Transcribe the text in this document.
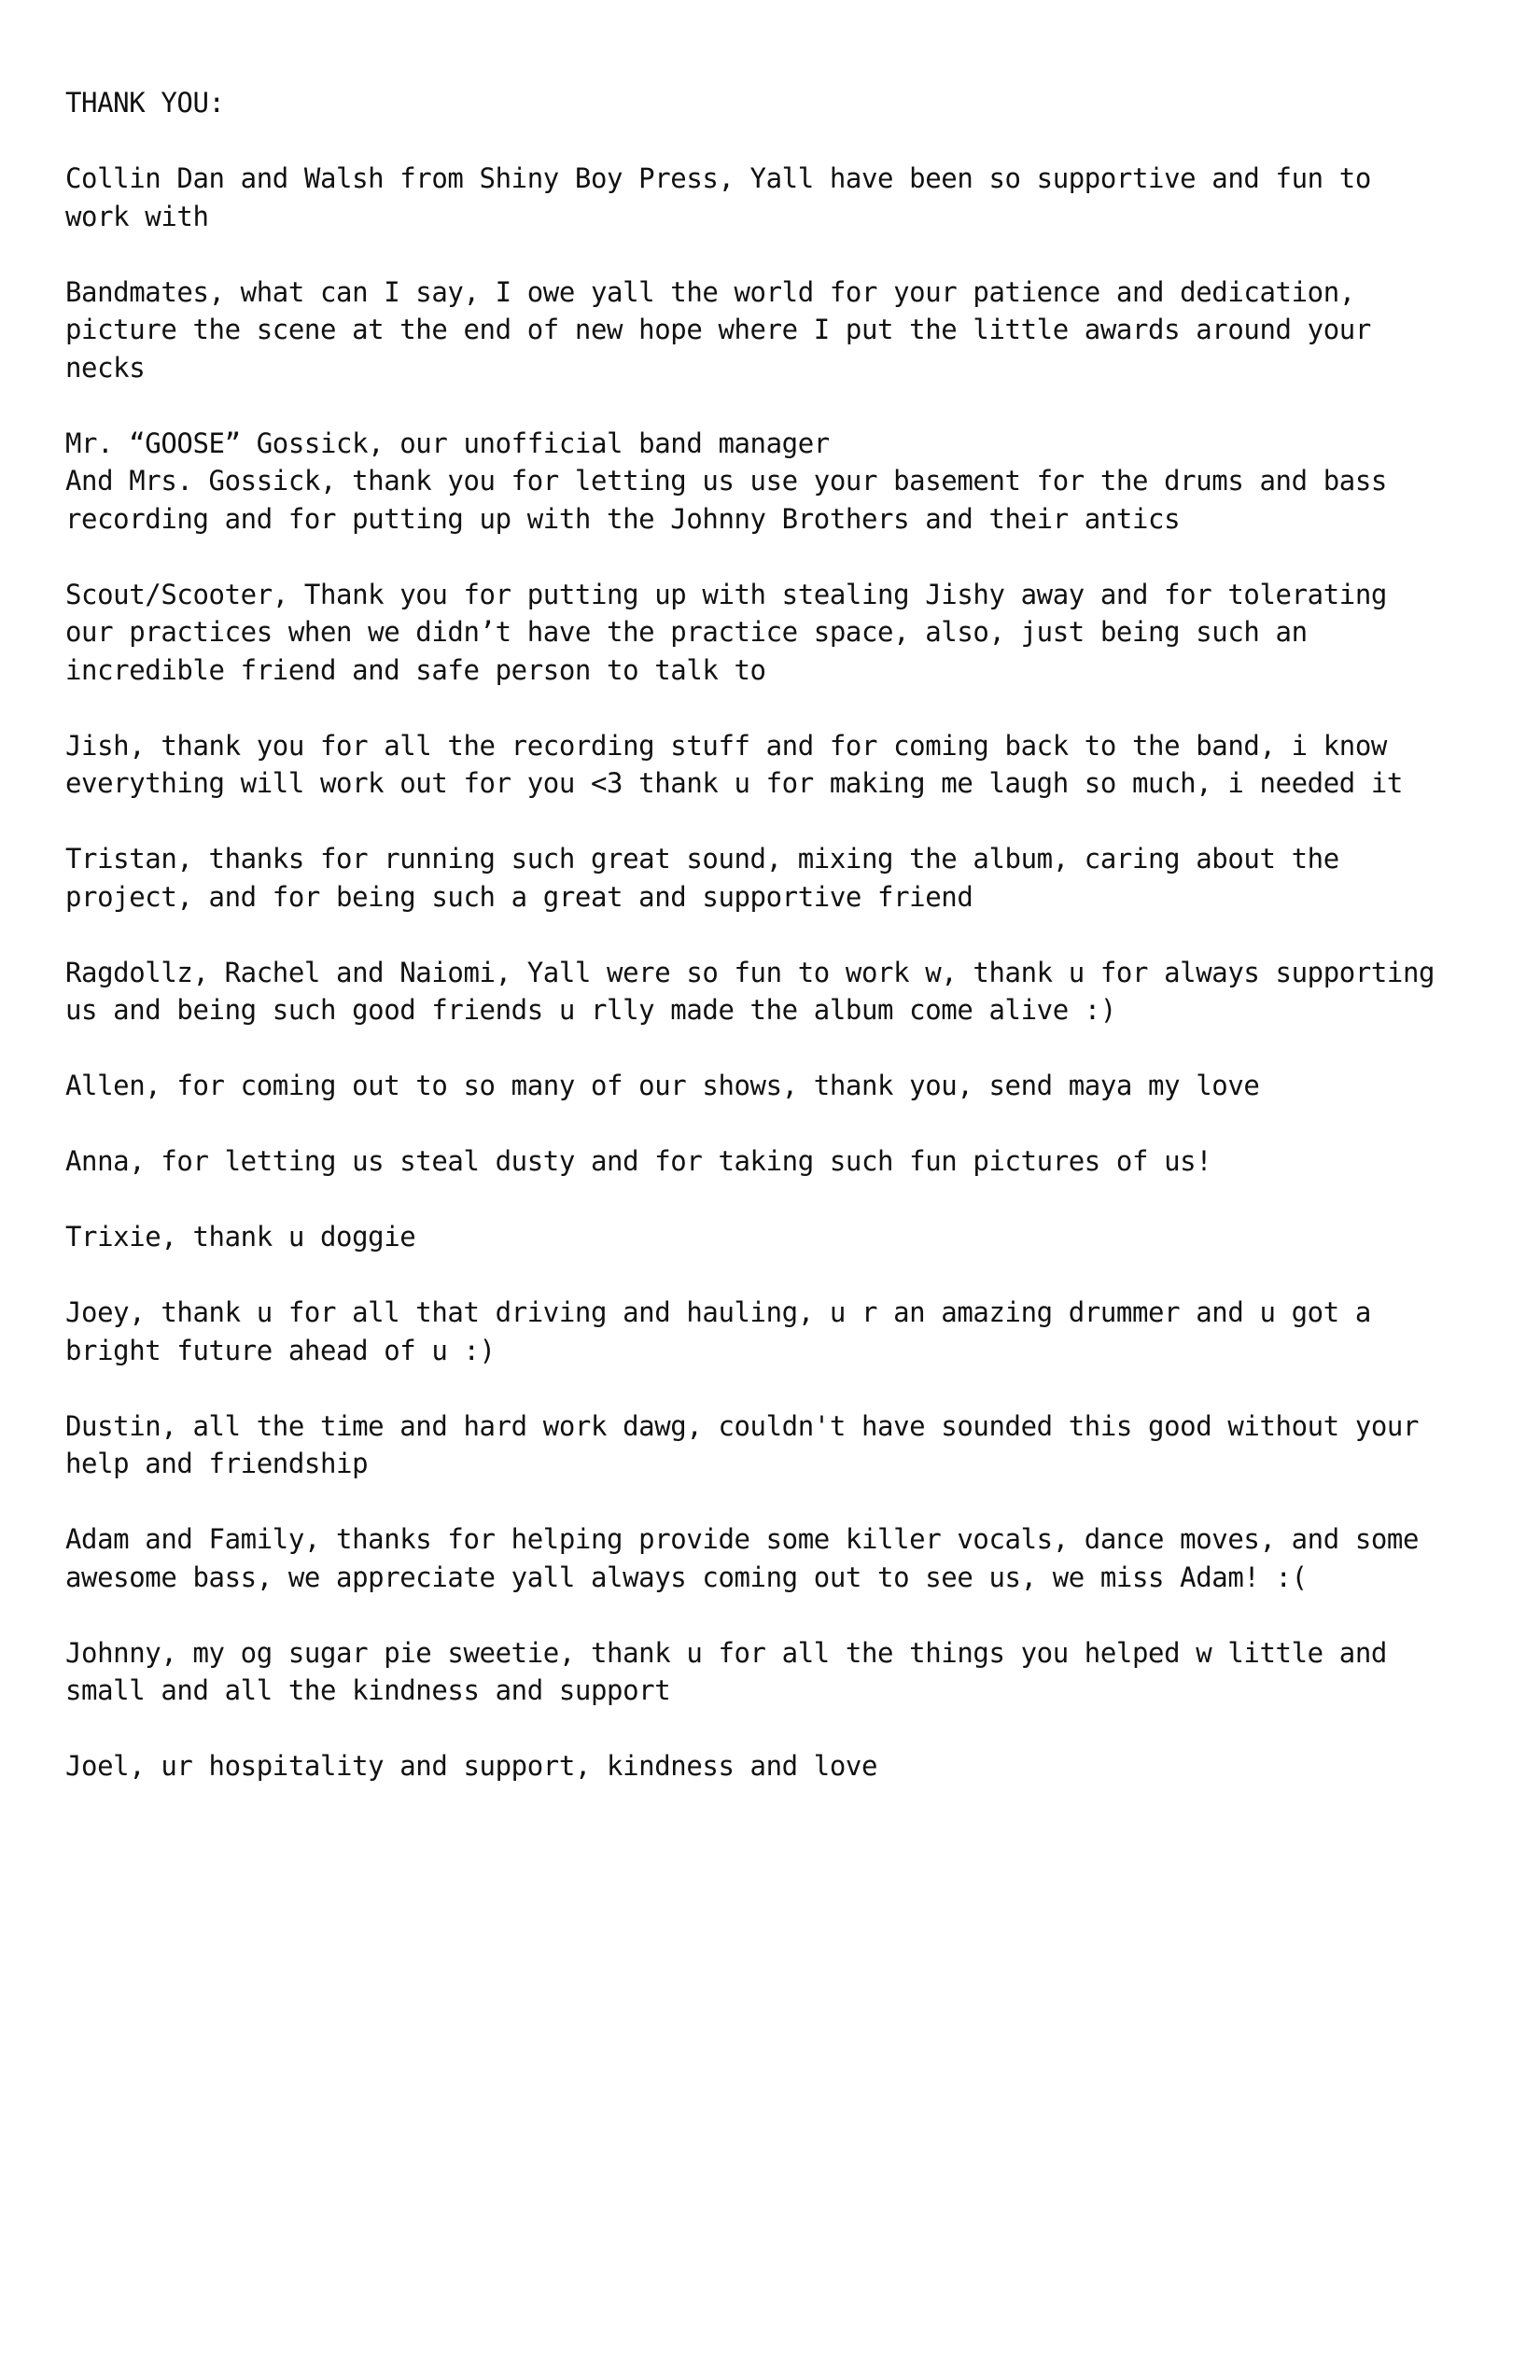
THANK YOU:
Collin Dan and Walsh from Shiny Boy Press, Yall have been so supportive and fun to
work with
Bandmates, what can I say, I owe yall the world for your patience and dedication,
picture the scene at the end of new hope where I put the little awards around your
necks
Mr. “GOOSE” Gossick, our unofficial band manager
And Mrs. Gossick, thank you for letting us use your basement for the drums and bass
recording and for putting up with the Johnny Brothers and their antics
Scout/Scooter, Thank you for putting up with stealing Jishy away and for tolerating
our practices when we didn’t have the practice space, also, just being such an
incredible friend and safe person to talk to
Jish, thank you for all the recording stuff and for coming back to the band, i know
everything will work out for you <3 thank u for making me laugh so much, i needed it
Tristan, thanks for running such great sound, mixing the album, caring about the
project, and for being such a great and supportive friend
Ragdollz, Rachel and Naiomi, Yall were so fun to work w, thank u for always supporting
us and being such good friends u rlly made the album come alive :)
Allen, for coming out to so many of our shows, thank you, send maya my love
Anna, for letting us steal dusty and for taking such fun pictures of us!
Trixie, thank u doggie
Joey, thank u for all that driving and hauling, u r an amazing drummer and u got a
bright future ahead of u :)
Dustin, all the time and hard work dawg, couldn't have sounded this good without your
help and friendship
Adam and Family, thanks for helping provide some killer vocals, dance moves, and some
awesome bass, we appreciate yall always coming out to see us, we miss Adam! :(
Johnny, my og sugar pie sweetie, thank u for all the things you helped w little and
small and all the kindness and support
Joel, ur hospitality and support, kindness and love
